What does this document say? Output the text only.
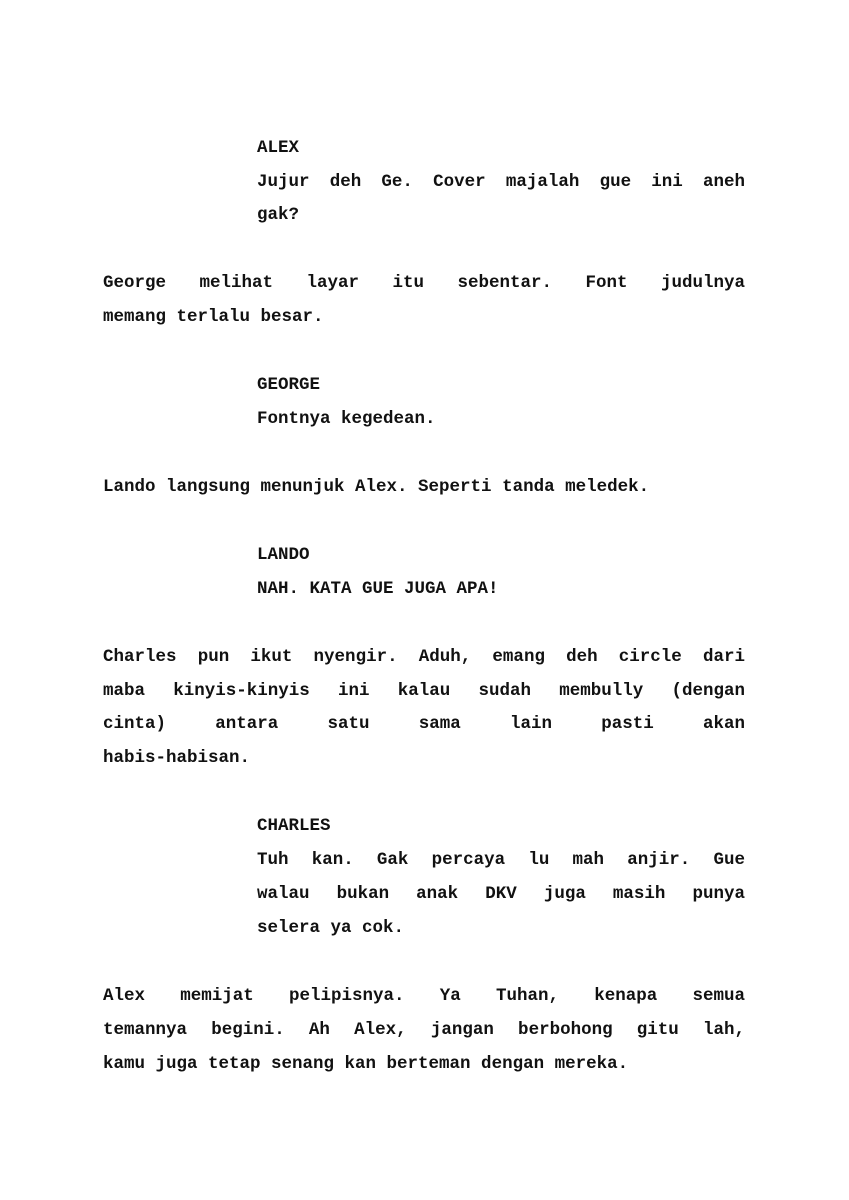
ALEX
Jujur deh Ge. Cover majalah gue ini aneh
gak?
George melihat layar itu sebentar. Font judulnya
memang terlalu besar.
GEORGE
Fontnya kegedean.
Lando langsung menunjuk Alex. Seperti tanda meledek.
LANDO
NAH. KATA GUE JUGA APA!
Charles pun ikut nyengir. Aduh, emang deh circle dari
maba kinyis-kinyis ini kalau sudah membully (dengan
cinta) antara satu sama lain pasti akan
habis-habisan.
CHARLES
Tuh kan. Gak percaya lu mah anjir. Gue
walau bukan anak DKV juga masih punya
selera ya cok.
Alex memijat pelipisnya. Ya Tuhan, kenapa semua
temannya begini. Ah Alex, jangan berbohong gitu lah,
kamu juga tetap senang kan berteman dengan mereka.
